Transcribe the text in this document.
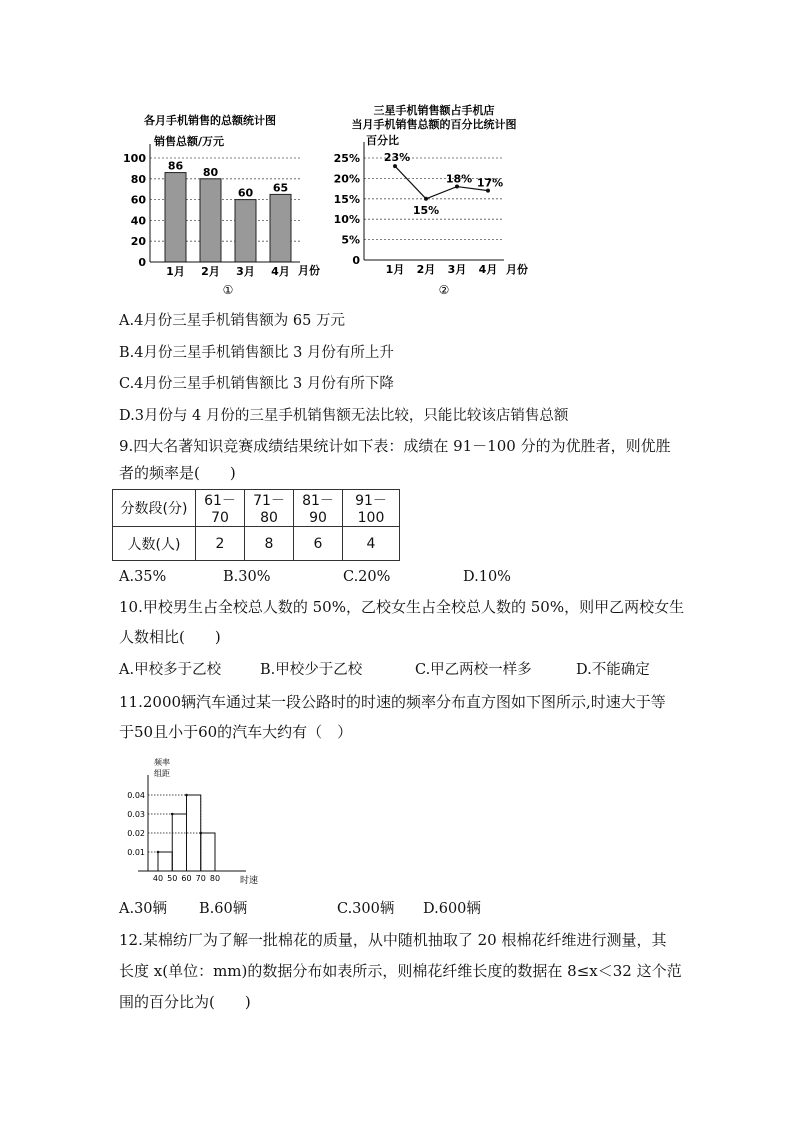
各月手机销售的总额统计图
销售总额/万元
0
20
40
60
80
100
86 80
60 65
1月 2月 3月 4月 月份
①
三星手机销售额占手机店
当月手机销售总额的百分比统计图
百分比
0
5%
10%
15%
20%
25% 23%
15%
18% 17%
1月 2月 3月 4月 月份
②
A.4月份三星手机销售额为 65 万元
B.4月份三星手机销售额比 3 月份有所上升
C.4月份三星手机销售额比 3 月份有所下降
D.3月份与 4 月份的三星手机销售额无法比较，只能比较该店销售总额
9.四大名著知识竞赛成绩结果统计如下表：成绩在 91－100 分的为优胜者，则优胜
者的频率是(　　)
分数段(分)	61－70	71－80	81－90	91－100
人数(人)	2	8	6	4
A.35%	B.30%	C.20%	D.10%
10.甲校男生占全校总人数的 50%，乙校女生占全校总人数的 50%，则甲乙两校女生
人数相比(　　)
A.甲校多于乙校	B.甲校少于乙校	C.甲乙两校一样多	D.不能确定
11.2000辆汽车通过某一段公路时的时速的频率分布直方图如下图所示,时速大于等
于50且小于60的汽车大约有（　）
频率
组距
0.01
0.02
0.03
0.04
40 50 60 70 80 时速
A.30辆 B.60辆	C.300辆 D.600辆
12.某棉纺厂为了解一批棉花的质量，从中随机抽取了 20 根棉花纤维进行测量，其
长度 x(单位：mm)的数据分布如表所示，则棉花纤维长度的数据在 8≤x＜32 这个范
围的百分比为(　　)
